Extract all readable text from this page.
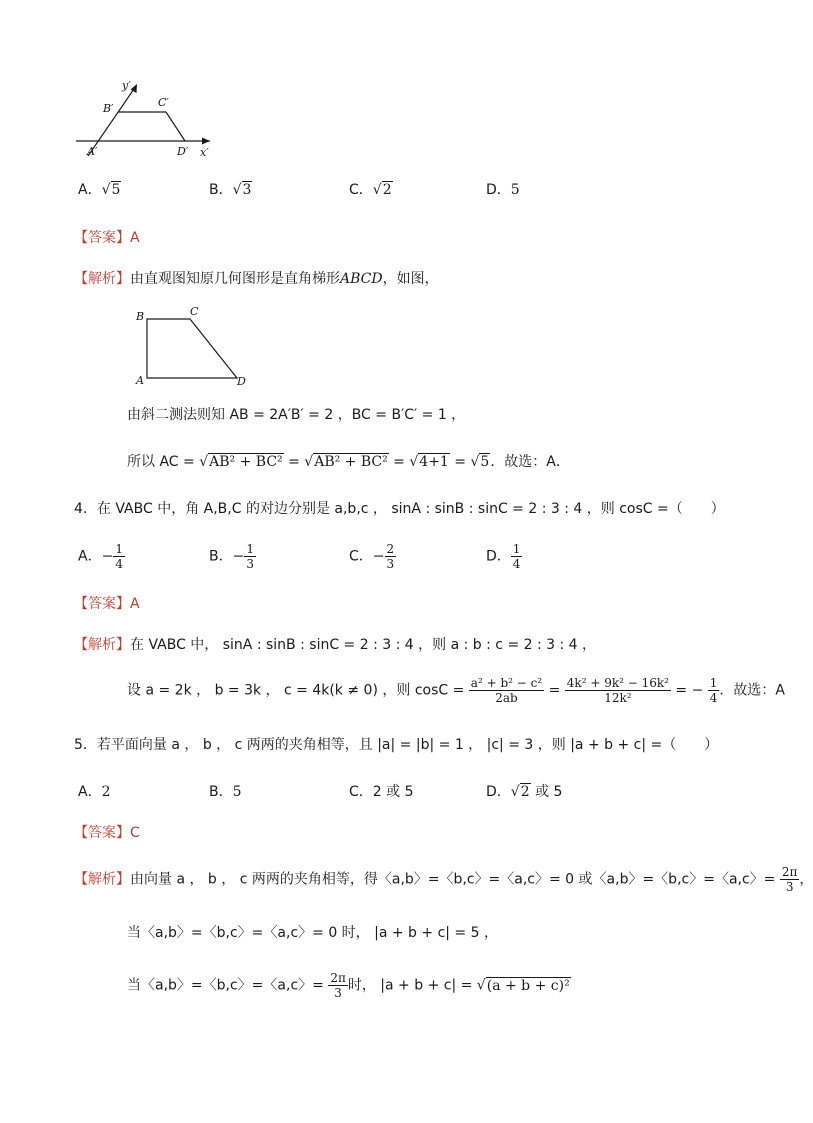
y′
x′
B′	C′
A′	D′
A．√5	B．√3	C．√2	D．5
【答案】A
【解析】由直观图知原几何图形是直角梯形ABCD，如图，
B	C
A	D
由斜二测法则知 AB = 2A′B′ = 2 ，BC = B′C′ = 1 ，
所以 AC = √AB² + BC² = √AB² + BC² = √4+1 = √5．故选：A．
4．在 VABC 中，角 A,B,C 的对边分别是 a,b,c ， sinA : sinB : sinC = 2 : 3 : 4 ，则 cosC =（　　）
A．− $\frac{1}{4}$	B．− $\frac{1}{3}$	C．− $\frac{2}{3}$	D． $\frac{1}{4}$
【答案】A
【解析】在 VABC 中， sinA : sinB : sinC = 2 : 3 : 4 ，则 a : b : c = 2 : 3 : 4 ，
设 a = 2k ， b = 3k ， c = 4k(k ≠ 0) ，则 $\cos C = \frac{\text{a² + b² − c²}}{2ab} = \frac{\text{4k² + 9k² − 16k²}}{\text{12k²}}$ = − $\frac{1}{4}$ ．故选：A
5．若平面向量 a ， b ， c 两两的夹角相等，且 |a| = |b| = 1 ， |c| = 3 ，则 |a + b + c| =（　　）
A．2	B．5	C．2 或 5	D．√2 或 5
【答案】C
【解析】由向量 a ， b ， c 两两的夹角相等，得〈a,b〉=〈b,c〉=〈a,c〉= 0 或〈a,b〉=〈b,c〉=〈a,c〉= $\frac{2\pi}{3}$ ，
当〈a,b〉=〈b,c〉=〈a,c〉= 0 时， |a + b + c| = 5 ，
当〈a,b〉=〈b,c〉=〈a,c〉= $\frac{2\pi}{3}$ 时， |a + b + c| = √(a + b + c)²
